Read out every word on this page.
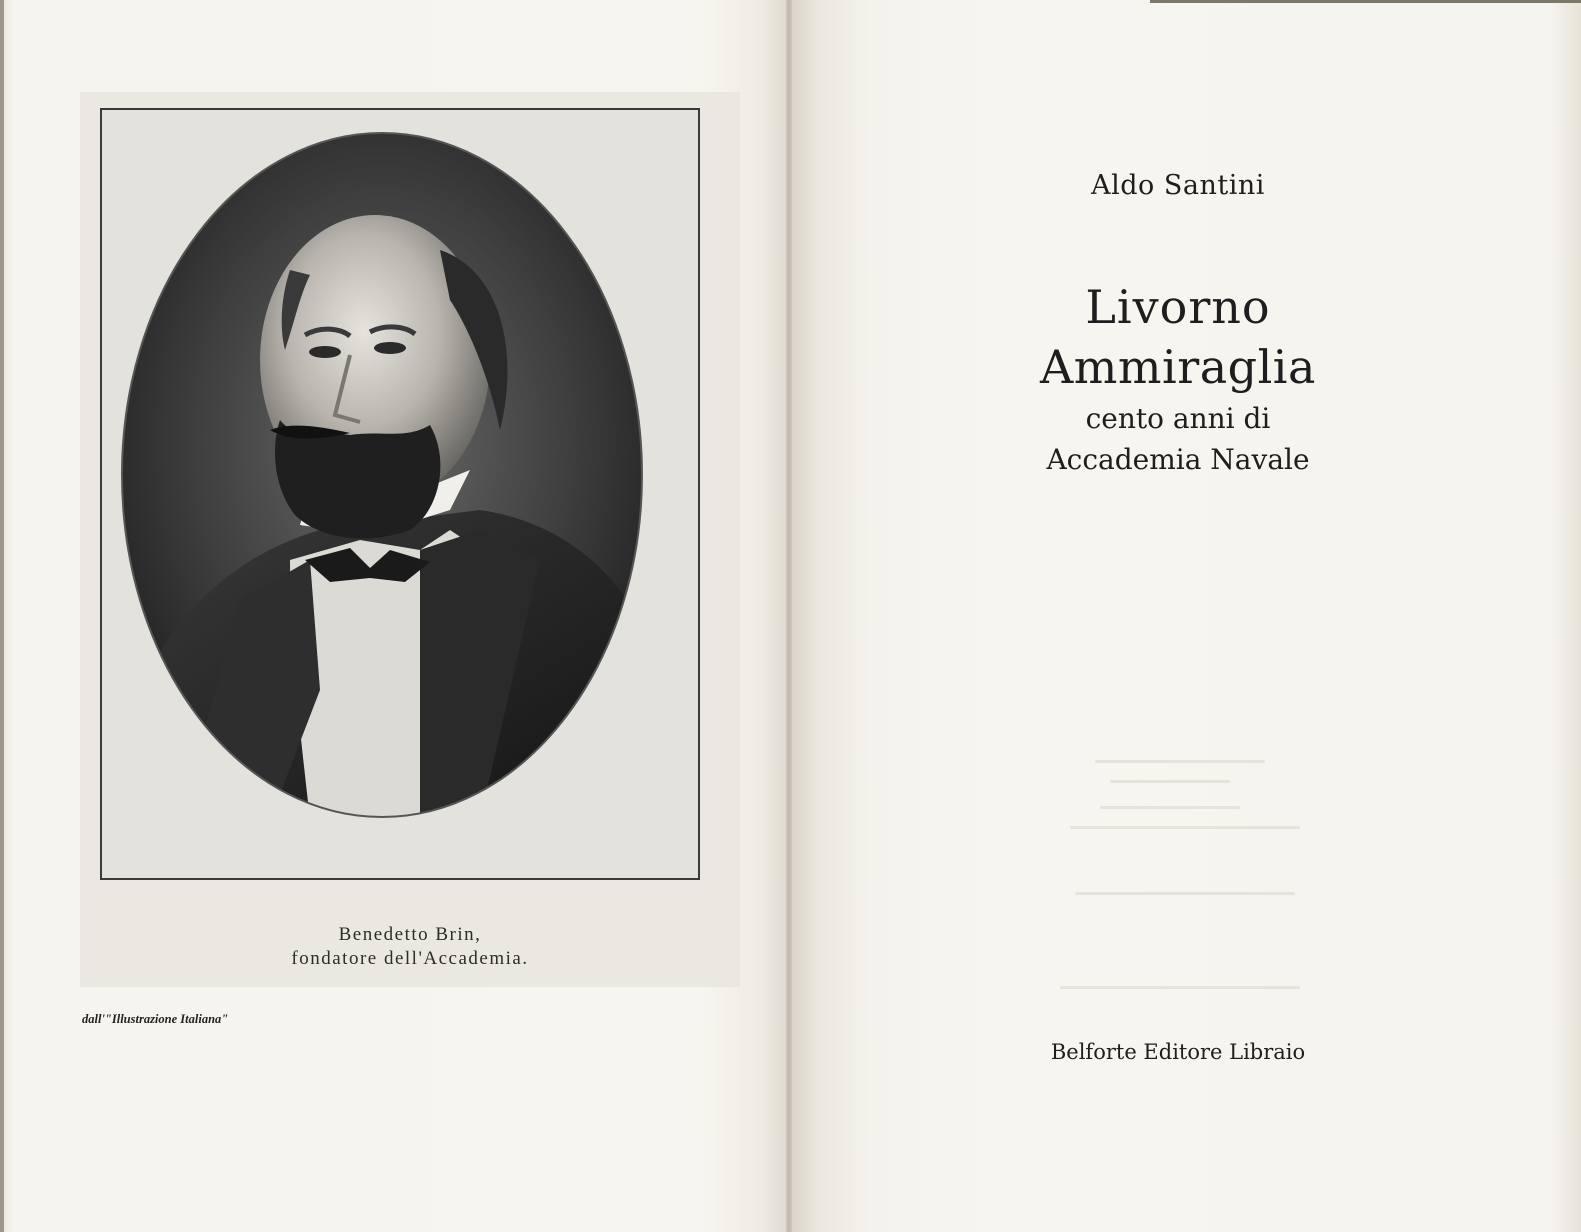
Benedetto Brin,
fondatore dell'Accademia.
dall'"Illustrazione Italiana"
Aldo Santini
Livorno
Ammiraglia
cento anni di
Accademia Navale
Belforte Editore Libraio
